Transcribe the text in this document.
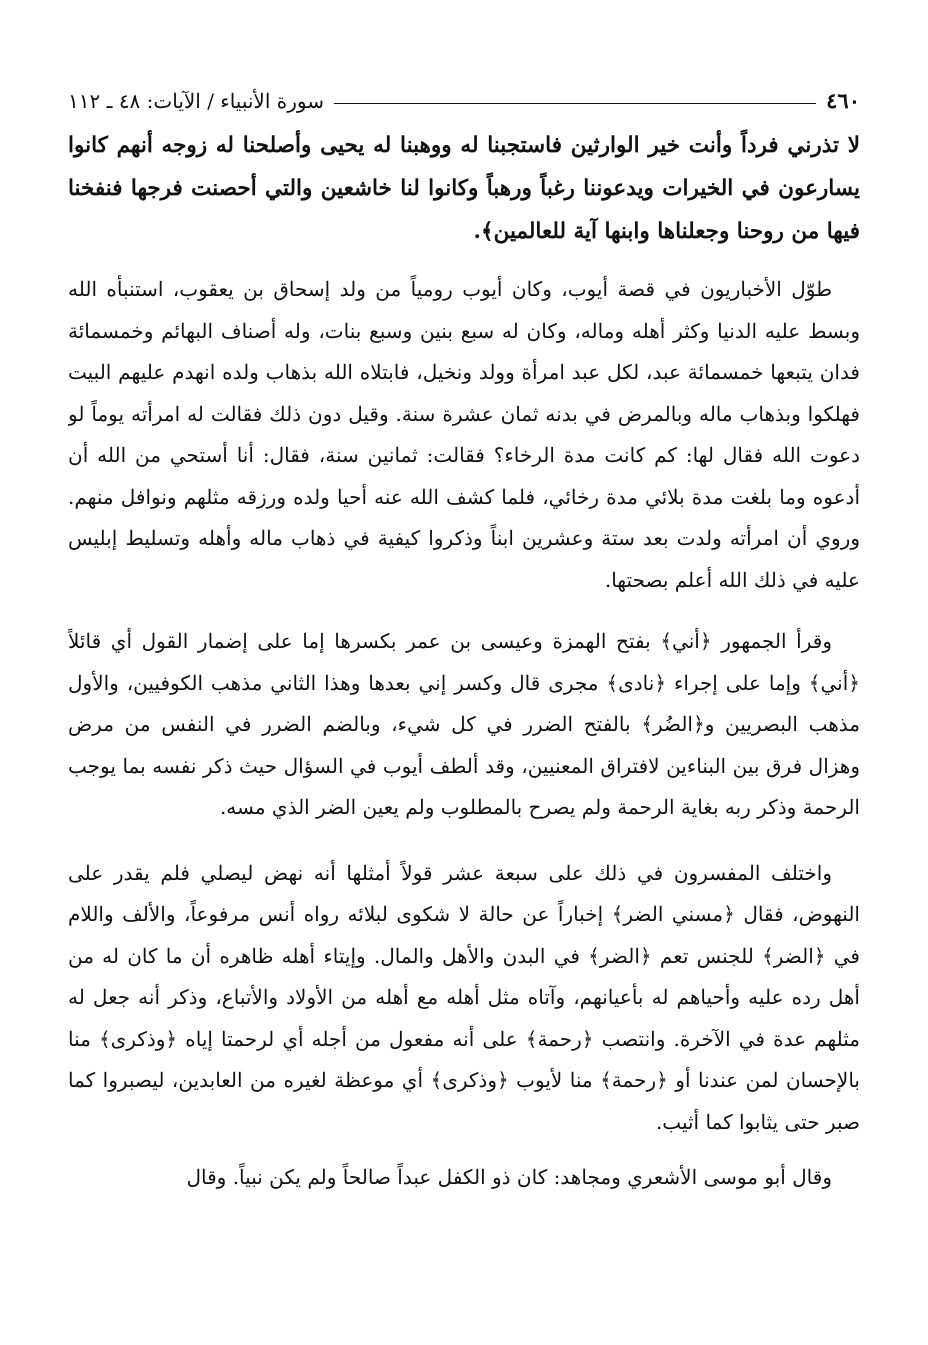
٤٦٠
سورة الأنبياء / الآيات: ٤٨ ـ ١١٢
لا تذرني فرداً وأنت خير الوارثين فاستجبنا له ووهبنا له يحيى وأصلحنا له زوجه أنهم كانوا يسارعون في الخيرات ويدعوننا رغباً ورهباً وكانوا لنا خاشعين والتي أحصنت فرجها فنفخنا فيها من روحنا وجعلناها وابنها آية للعالمين﴾.
طوّل الأخباريون في قصة أيوب، وكان أيوب رومياً من ولد إسحاق بن يعقوب، استنبأه الله وبسط عليه الدنيا وكثر أهله وماله، وكان له سبع بنين وسبع بنات، وله أصناف البهائم وخمسمائة فدان يتبعها خمسمائة عبد، لكل عبد امرأة وولد ونخيل، فابتلاه الله بذهاب ولده انهدم عليهم البيت فهلكوا وبذهاب ماله وبالمرض في بدنه ثمان عشرة سنة. وقيل دون ذلك فقالت له امرأته يوماً لو دعوت الله فقال لها: كم كانت مدة الرخاء؟ فقالت: ثمانين سنة، فقال: أنا أستحي من الله أن أدعوه وما بلغت مدة بلائي مدة رخائي، فلما كشف الله عنه أحيا ولده ورزقه مثلهم ونوافل منهم. وروي أن امرأته ولدت بعد ستة وعشرين ابناً وذكروا كيفية في ذهاب ماله وأهله وتسليط إبليس عليه في ذلك الله أعلم بصحتها.
وقرأ الجمهور ﴿أني﴾ بفتح الهمزة وعيسى بن عمر بكسرها إما على إضمار القول أي قائلاً ﴿أني﴾ وإما على إجراء ﴿نادى﴾ مجرى قال وكسر إني بعدها وهذا الثاني مذهب الكوفيين، والأول مذهب البصريين و﴿الضُر﴾ بالفتح الضرر في كل شيء، وبالضم الضرر في النفس من مرض وهزال فرق بين البناءين لافتراق المعنيين، وقد ألطف أيوب في السؤال حيث ذكر نفسه بما يوجب الرحمة وذكر ربه بغاية الرحمة ولم يصرح بالمطلوب ولم يعين الضر الذي مسه.
واختلف المفسرون في ذلك على سبعة عشر قولاً أمثلها أنه نهض ليصلي فلم يقدر على النهوض، فقال ﴿مسني الضر﴾ إخباراً عن حالة لا شكوى لبلائه رواه أنس مرفوعاً، والألف واللام في ﴿الضر﴾ للجنس تعم ﴿الضر﴾ في البدن والأهل والمال. وإيتاء أهله ظاهره أن ما كان له من أهل رده عليه وأحياهم له بأعيانهم، وآتاه مثل أهله مع أهله من الأولاد والأتباع، وذكر أنه جعل له مثلهم عدة في الآخرة. وانتصب ﴿رحمة﴾ على أنه مفعول من أجله أي لرحمتا إياه ﴿وذكرى﴾ منا بالإحسان لمن عندنا أو ﴿رحمة﴾ منا لأيوب ﴿وذكرى﴾ أي موعظة لغيره من العابدين، ليصبروا كما صبر حتى يثابوا كما أثيب.
وقال أبو موسى الأشعري ومجاهد: كان ذو الكفل عبداً صالحاً ولم يكن نبياً. وقال
